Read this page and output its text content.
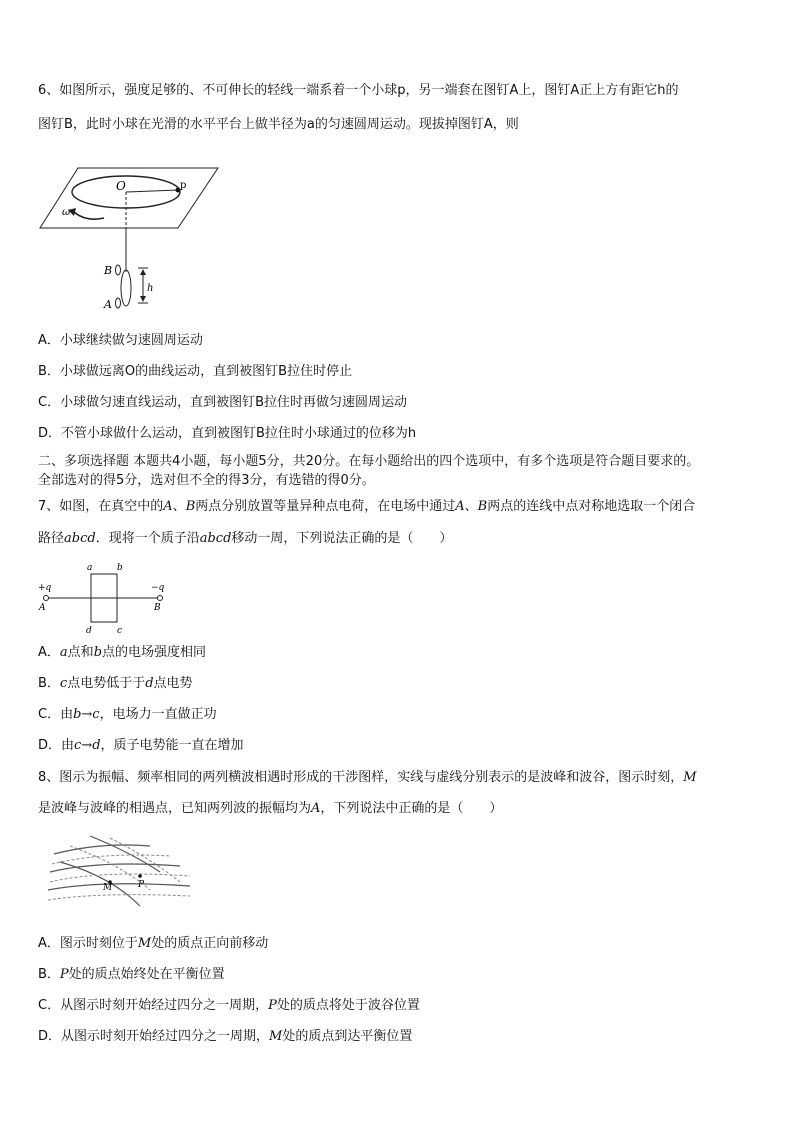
6、如图所示，强度足够的、不可伸长的轻线一端系着一个小球p，另一端套在图钉A上，图钉A正上方有距它h的
图钉B，此时小球在光滑的水平平台上做半径为a的匀速圆周运动。现拔掉图钉A，则
O	p
ω
B
A
h
A．小球继续做匀速圆周运动
B．小球做远离O的曲线运动，直到被图钉B拉住时停止
C．小球做匀速直线运动，直到被图钉B拉住时再做匀速圆周运动
D．不管小球做什么运动，直到被图钉B拉住时小球通过的位移为h
二、多项选择题 本题共4小题，每小题5分，共20分。在每小题给出的四个选项中，有多个选项是符合题目要求的。
全部选对的得5分，选对但不全的得3分，有选错的得0分。
7、如图，在真空中的A、B两点分别放置等量异种点电荷，在电场中通过A、B两点的连线中点对称地选取一个闭合
路径abcd．现将一个质子沿abcd移动一周，下列说法正确的是（　　）
+q	−q
A	B
a	b
c
d
A．a点和b点的电场强度相同
B．c点电势低于于d点电势
C．由b→c，电场力一直做正功
D．由c→d，质子电势能一直在增加
8、图示为振幅、频率相同的两列横波相遇时形成的干涉图样，实线与虚线分别表示的是波峰和波谷，图示时刻，M
是波峰与波峰的相遇点，已知两列波的振幅均为A，下列说法中正确的是（　　）
M	P
A．图示时刻位于M处的质点正向前移动
B．P处的质点始终处在平衡位置
C．从图示时刻开始经过四分之一周期，P处的质点将处于波谷位置
D．从图示时刻开始经过四分之一周期，M处的质点到达平衡位置
